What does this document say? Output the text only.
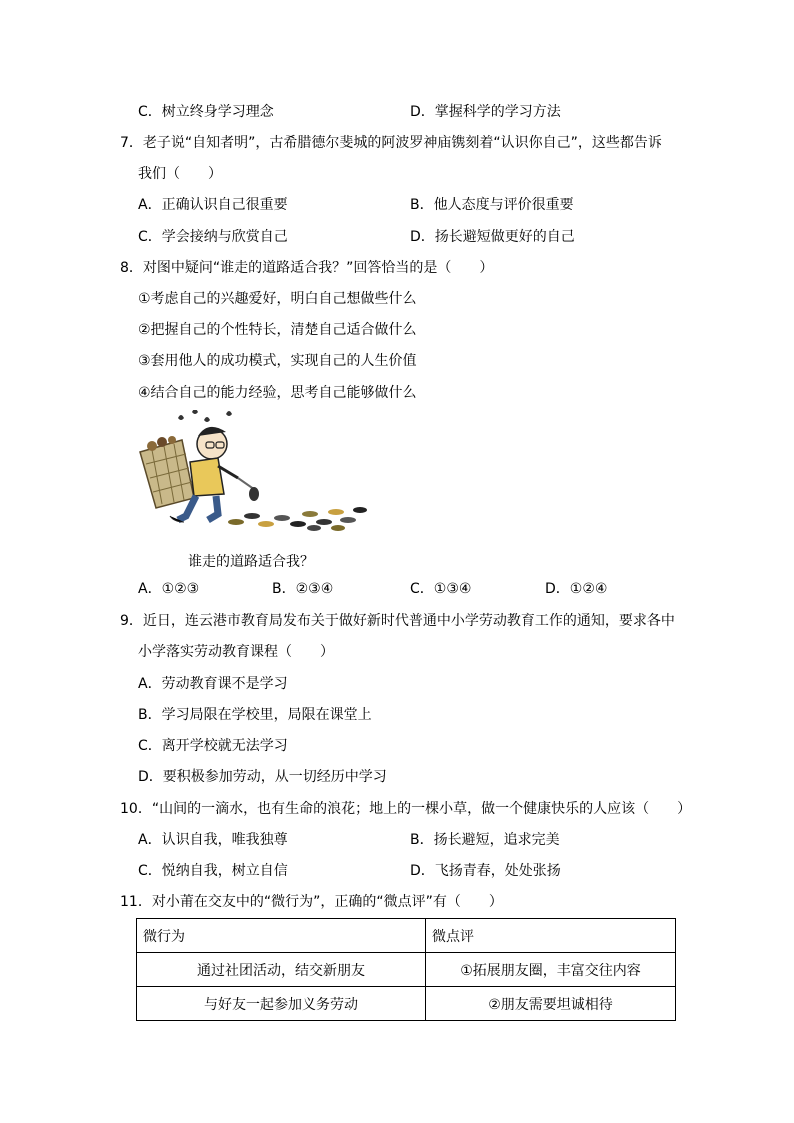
C．树立终身学习理念	D．掌握科学的学习方法
7．老子说“自知者明”，古希腊德尔斐城的阿波罗神庙镌刻着“认识你自己”，这些都告诉
我们（　　）
A．正确认识自己很重要	B．他人态度与评价很重要
C．学会接纳与欣赏自己	D．扬长避短做更好的自己
8．对图中疑问“谁走的道路适合我？”回答恰当的是（　　）
①考虑自己的兴趣爱好，明白自己想做些什么
②把握自己的个性特长，清楚自己适合做什么
③套用他人的成功模式，实现自己的人生价值
④结合自己的能力经验，思考自己能够做什么
谁走的道路适合我？
A．①②③	B．②③④	C．①③④	D．①②④
9．近日，连云港市教育局发布关于做好新时代普通中小学劳动教育工作的通知，要求各中
小学落实劳动教育课程（　　）
A．劳动教育课不是学习
B．学习局限在学校里，局限在课堂上
C．离开学校就无法学习
D．要积极参加劳动，从一切经历中学习
10．“山间的一滴水，也有生命的浪花；地上的一棵小草，做一个健康快乐的人应该（　　）
A．认识自我，唯我独尊	B．扬长避短，追求完美
C．悦纳自我，树立自信	D．飞扬青春，处处张扬
11．对小莆在交友中的“微行为”，正确的“微点评”有（　　）
微行为	微点评
通过社团活动，结交新朋友	①拓展朋友圈，丰富交往内容
与好友一起参加义务劳动	②朋友需要坦诚相待
